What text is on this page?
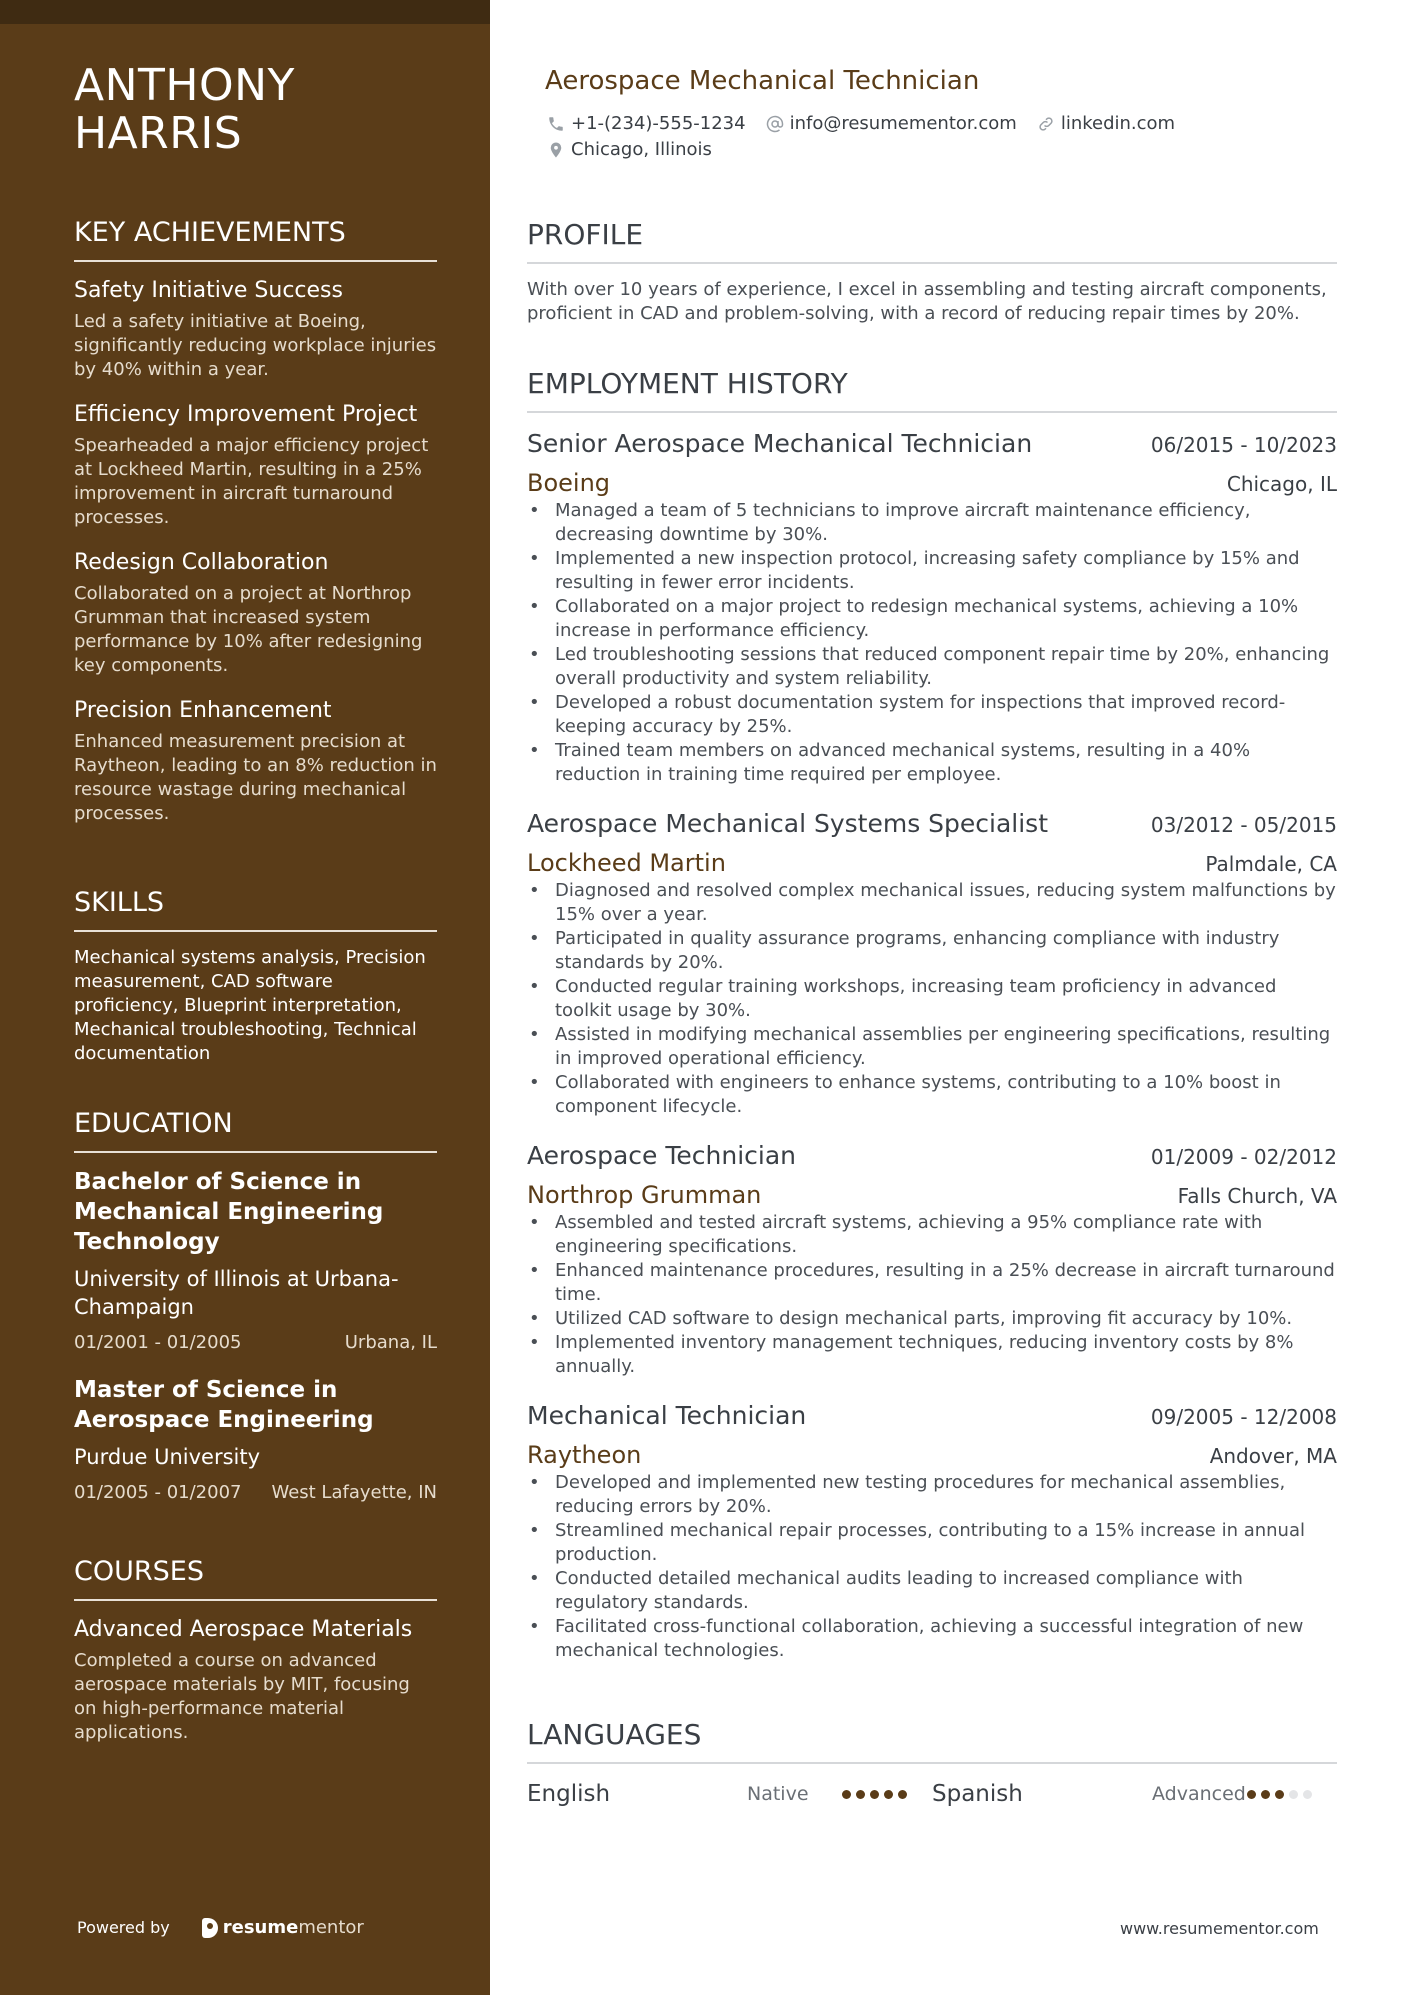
ANTHONY
HARRIS
KEY ACHIEVEMENTS
Safety Initiative Success
Led a safety initiative at Boeing, significantly reducing workplace injuries by 40% within a year.
Efficiency Improvement Project
Spearheaded a major efficiency project at Lockheed Martin, resulting in a 25% improvement in aircraft turnaround processes.
Redesign Collaboration
Collaborated on a project at Northrop Grumman that increased system performance by 10% after redesigning key components.
Precision Enhancement
Enhanced measurement precision at Raytheon, leading to an 8% reduction in resource wastage during mechanical processes.
SKILLS
Mechanical systems analysis, Precision measurement, CAD software proficiency, Blueprint interpretation, Mechanical troubleshooting, Technical documentation
EDUCATION
Bachelor of Science in Mechanical Engineering Technology
University of Illinois at Urbana-Champaign
01/2001 - 01/2005	Urbana, IL
Master of Science in Aerospace Engineering
Purdue University
01/2005 - 01/2007 West Lafayette, IN
COURSES
Advanced Aerospace Materials
Completed a course on advanced aerospace materials by MIT, focusing on high-performance material applications.
Powered by	resume mentor
Aerospace Mechanical Technician
+1-(234)-555-1234 info@resumementor.com linkedin.com
Chicago, Illinois
PROFILE
With over 10 years of experience, I excel in assembling and testing aircraft components, proficient in CAD and problem-solving, with a record of reducing repair times by 20%.
EMPLOYMENT HISTORY
Senior Aerospace Mechanical Technician	06/2015 - 10/2023
Boeing	Chicago, IL
• Managed a team of 5 technicians to improve aircraft maintenance efficiency, decreasing downtime by 30%.
• Implemented a new inspection protocol, increasing safety compliance by 15% and resulting in fewer error incidents.
• Collaborated on a major project to redesign mechanical systems, achieving a 10% increase in performance efficiency.
• Led troubleshooting sessions that reduced component repair time by 20%, enhancing overall productivity and system reliability.
• Developed a robust documentation system for inspections that improved record-keeping accuracy by 25%.
• Trained team members on advanced mechanical systems, resulting in a 40% reduction in training time required per employee.
Aerospace Mechanical Systems Specialist	03/2012 - 05/2015
Lockheed Martin	Palmdale, CA
• Diagnosed and resolved complex mechanical issues, reducing system malfunctions by 15% over a year.
• Participated in quality assurance programs, enhancing compliance with industry standards by 20%.
• Conducted regular training workshops, increasing team proficiency in advanced toolkit usage by 30%.
• Assisted in modifying mechanical assemblies per engineering specifications, resulting in improved operational efficiency.
• Collaborated with engineers to enhance systems, contributing to a 10% boost in component lifecycle.
Aerospace Technician	01/2009 - 02/2012
Northrop Grumman	Falls Church, VA
• Assembled and tested aircraft systems, achieving a 95% compliance rate with engineering specifications.
• Enhanced maintenance procedures, resulting in a 25% decrease in aircraft turnaround time.
• Utilized CAD software to design mechanical parts, improving fit accuracy by 10%.
• Implemented inventory management techniques, reducing inventory costs by 8% annually.
Mechanical Technician	09/2005 - 12/2008
Raytheon	Andover, MA
• Developed and implemented new testing procedures for mechanical assemblies, reducing errors by 20%.
• Streamlined mechanical repair processes, contributing to a 15% increase in annual production.
• Conducted detailed mechanical audits leading to increased compliance with regulatory standards.
• Facilitated cross-functional collaboration, achieving a successful integration of new mechanical technologies.
LANGUAGES
English	Native	Spanish	Advanced
www.resumementor.com
